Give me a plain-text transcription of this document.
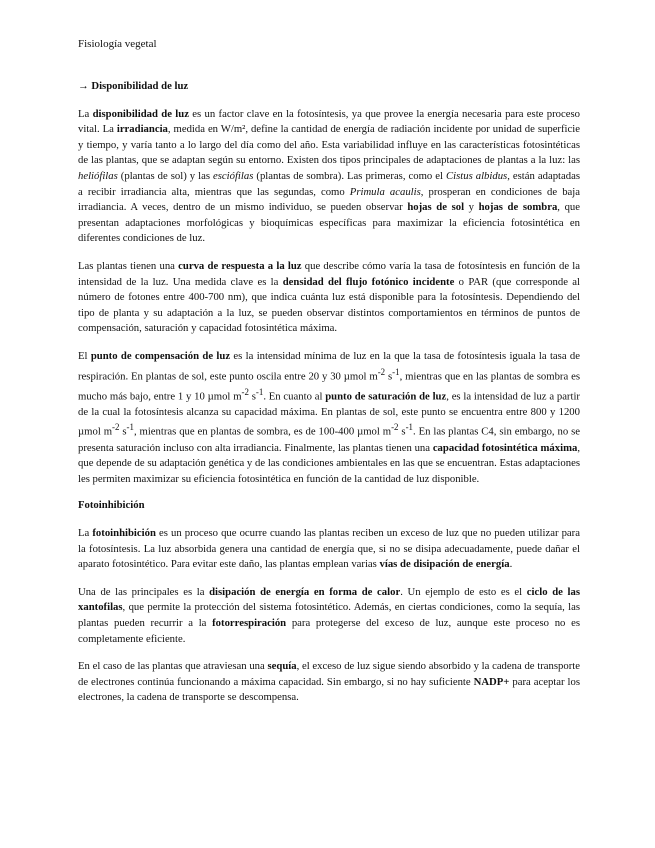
Fisiología vegetal
→ Disponibilidad de luz

La disponibilidad de luz es un factor clave en la fotosíntesis, ya que provee la energía necesaria para este proceso vital. La irradiancia, medida en W/m², define la cantidad de energía de radiación incidente por unidad de superficie y tiempo, y varía tanto a lo largo del día como del año. Esta variabilidad influye en las características fotosintéticas de las plantas, que se adaptan según su entorno. Existen dos tipos principales de adaptaciones de plantas a la luz: las heliófilas (plantas de sol) y las esciófilas (plantas de sombra). Las primeras, como el Cistus albidus, están adaptadas a recibir irradiancia alta, mientras que las segundas, como Primula acaulis, prosperan en condiciones de baja irradiancia. A veces, dentro de un mismo individuo, se pueden observar hojas de sol y hojas de sombra, que presentan adaptaciones morfológicas y bioquímicas específicas para maximizar la eficiencia fotosintética en diferentes condiciones de luz.

Las plantas tienen una curva de respuesta a la luz que describe cómo varía la tasa de fotosíntesis en función de la intensidad de la luz. Una medida clave es la densidad del flujo fotónico incidente o PAR (que corresponde al número de fotones entre 400-700 nm), que indica cuánta luz está disponible para la fotosíntesis. Dependiendo del tipo de planta y su adaptación a la luz, se pueden observar distintos comportamientos en términos de puntos de compensación, saturación y capacidad fotosintética máxima.

El punto de compensación de luz es la intensidad mínima de luz en la que la tasa de fotosíntesis iguala la tasa de respiración. En plantas de sol, este punto oscila entre 20 y 30 µmol $m^{-2}$ $s^{-1}$, mientras que en las plantas de sombra es mucho más bajo, entre 1 y 10 µmol $m^{-2}$ $s^{-1}$. En cuanto al punto de saturación de luz, es la intensidad de luz a partir de la cual la fotosíntesis alcanza su capacidad máxima. En plantas de sol, este punto se encuentra entre 800 y 1200 µmol $m^{-2}$ $s^{-1}$, mientras que en plantas de sombra, es de 100-400 µmol $m^{-2}$ $s^{-1}$. En las plantas C4, sin embargo, no se presenta saturación incluso con alta irradiancia. Finalmente, las plantas tienen una capacidad fotosintética máxima, que depende de su adaptación genética y de las condiciones ambientales en las que se encuentran. Estas adaptaciones les permiten maximizar su eficiencia fotosintética en función de la cantidad de luz disponible.

Fotoinhibición

La fotoinhibición es un proceso que ocurre cuando las plantas reciben un exceso de luz que no pueden utilizar para la fotosíntesis. La luz absorbida genera una cantidad de energía que, si no se disipa adecuadamente, puede dañar el aparato fotosintético. Para evitar este daño, las plantas emplean varias vías de disipación de energía.

Una de las principales es la disipación de energía en forma de calor. Un ejemplo de esto es el ciclo de las xantofilas, que permite la protección del sistema fotosintético. Además, en ciertas condiciones, como la sequía, las plantas pueden recurrir a la fotorrespiración para protegerse del exceso de luz, aunque este proceso no es completamente eficiente.

En el caso de las plantas que atraviesan una sequía, el exceso de luz sigue siendo absorbido y la cadena de transporte de electrones continúa funcionando a máxima capacidad. Sin embargo, si no hay suficiente NADP+ para aceptar los electrones, la cadena de transporte se descompensa.
